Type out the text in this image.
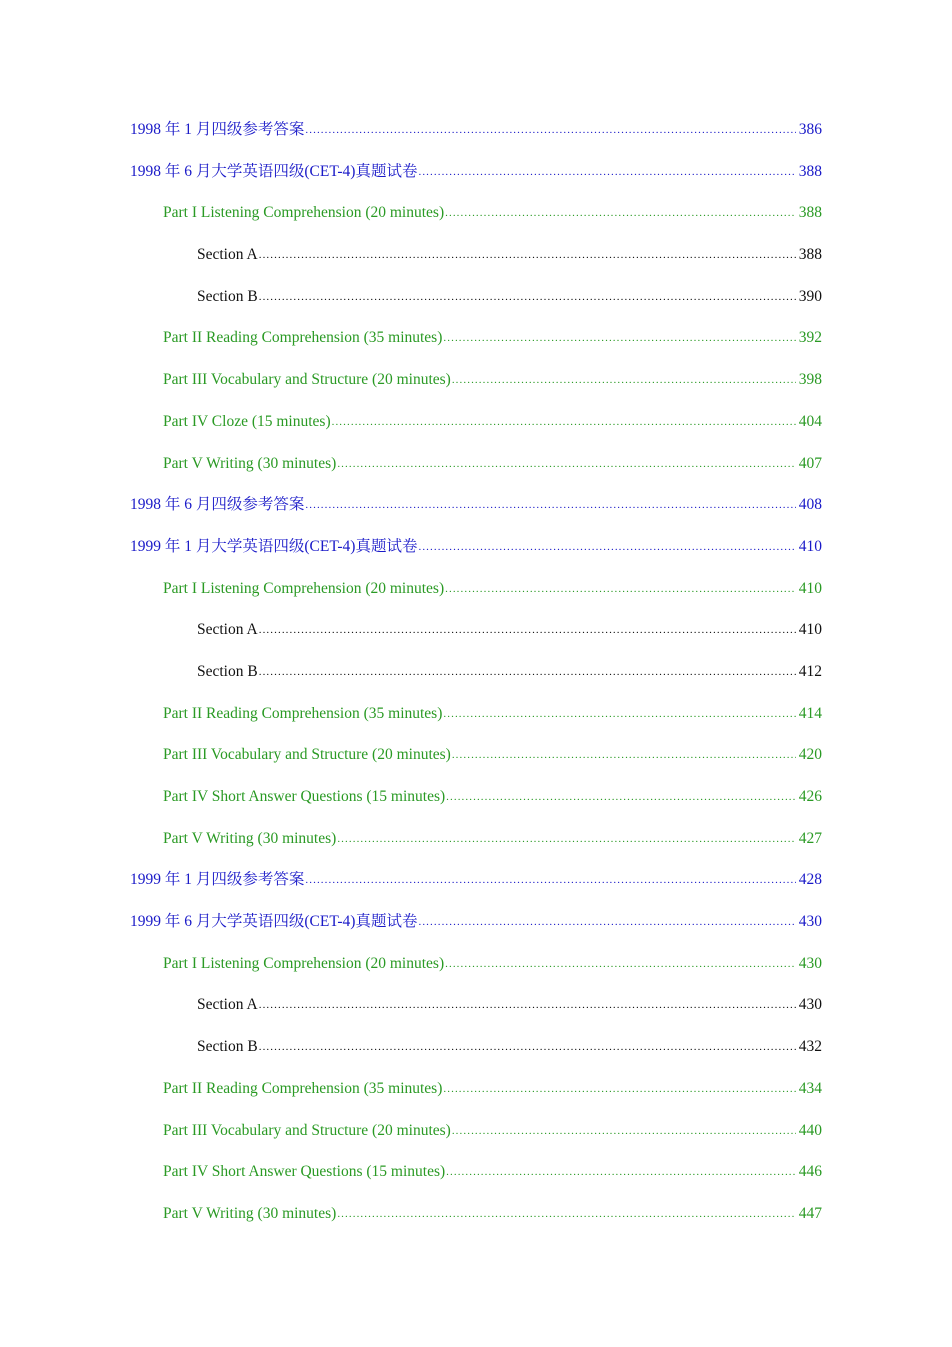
1998 年 1 月四级参考答案 .....	386
1998 年 6 月大学英语四级(CET-4)真题试卷 .....	388
Part I Listening Comprehension (20 minutes) .....	388
Section A .....	388
Section B .....	390
Part II Reading Comprehension (35 minutes) .....	392
Part III Vocabulary and Structure (20 minutes) .....	398
Part IV Cloze (15 minutes) .....	404
Part V Writing (30 minutes) .....	407
1998 年 6 月四级参考答案 .....	408
1999 年 1 月大学英语四级(CET-4)真题试卷 .....	410
Part I Listening Comprehension (20 minutes) .....	410
Section A .....	410
Section B .....	412
Part II Reading Comprehension (35 minutes) .....	414
Part III Vocabulary and Structure (20 minutes) .....	420
Part IV Short Answer Questions (15 minutes) .....	426
Part V Writing (30 minutes) .....	427
1999 年 1 月四级参考答案 .....	428
1999 年 6 月大学英语四级(CET-4)真题试卷 .....	430
Part I Listening Comprehension (20 minutes) .....	430
Section A .....	430
Section B .....	432
Part II Reading Comprehension (35 minutes) .....	434
Part III Vocabulary and Structure (20 minutes) .....	440
Part IV Short Answer Questions (15 minutes) .....	446
Part V Writing (30 minutes) .....	447
